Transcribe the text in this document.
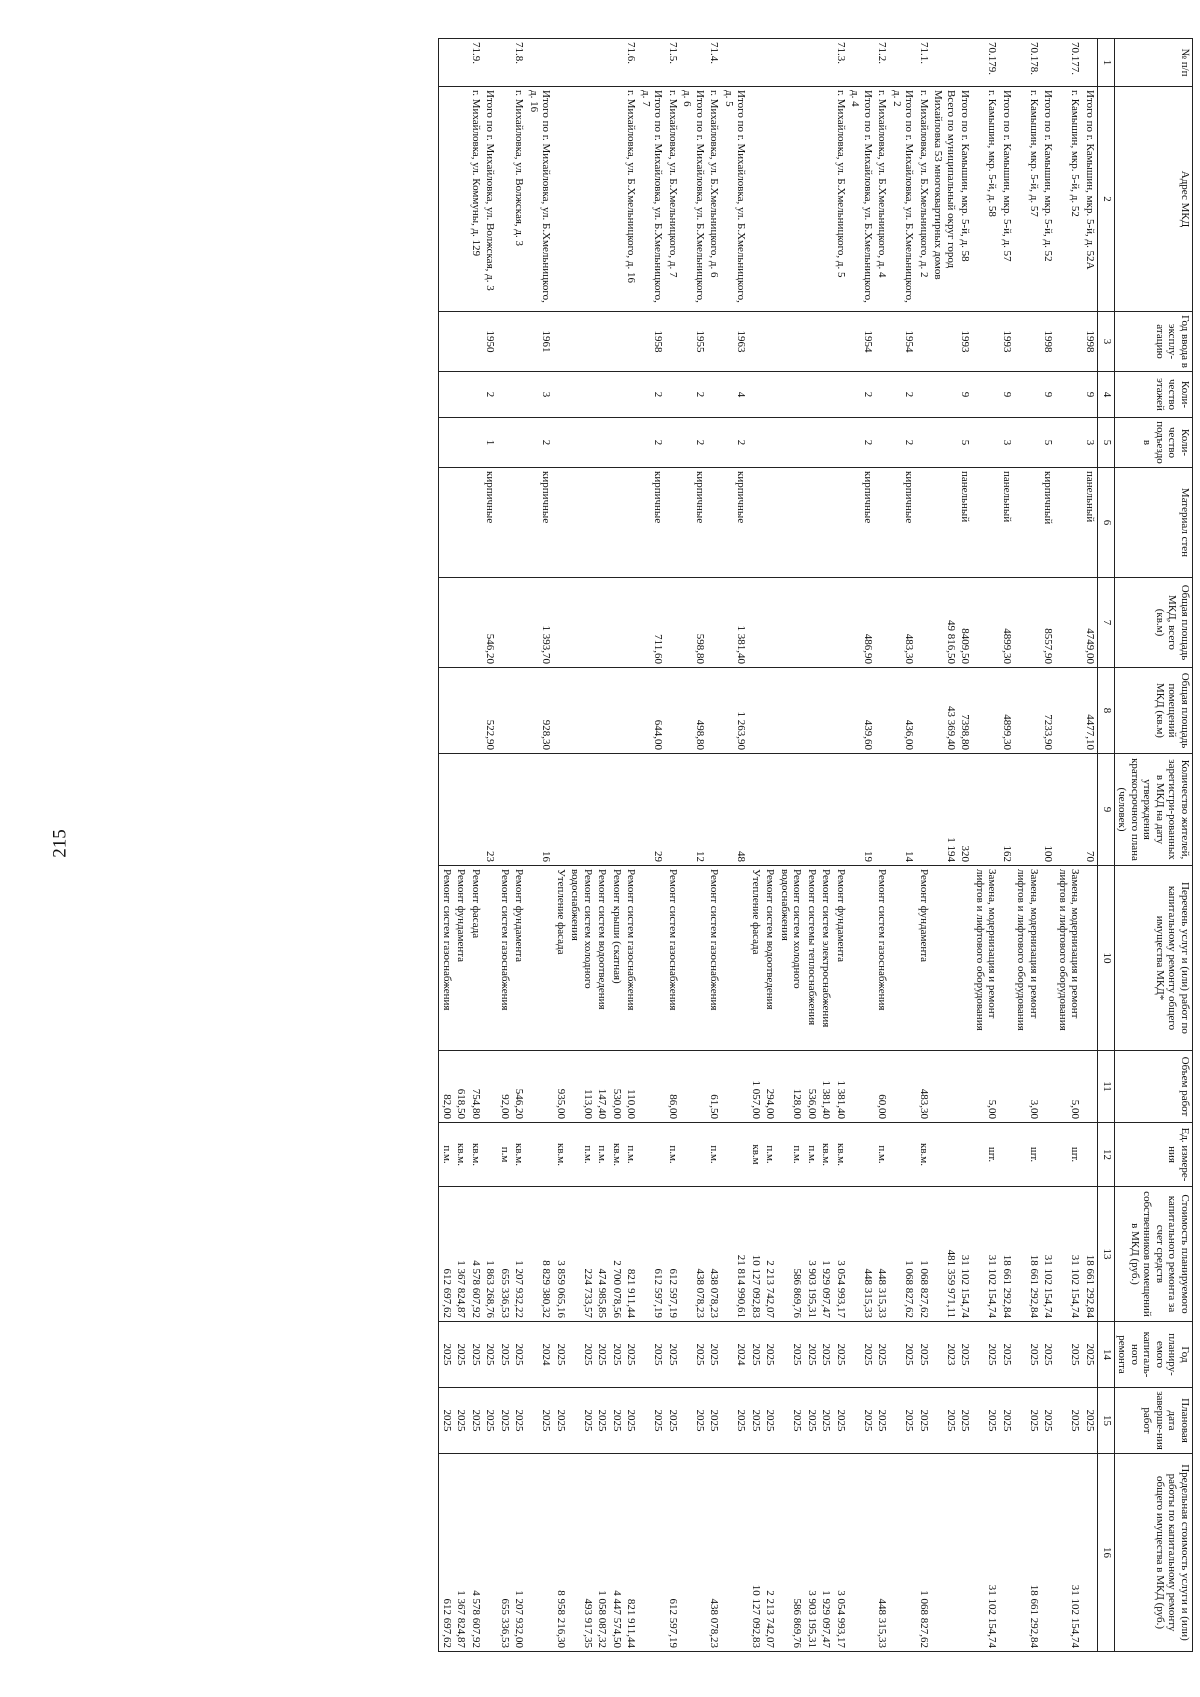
215
№ п/п	Адрес МКД	Год ввода в эксплу-атацию	Коли-чество этажей	Коли-чество подъездо в	Материал стен	Общая площадь МКД, всего (кв.м)	Общая площадь помещений МКД (кв.м)	Количество жителей, зарегистри-рованных в МКД на дату утверждения краткосрочного плана (человек)	Перечень услуг и (или) работ по капитальному ремонту общего имущества МКД*	Объем работ	Ед. измере-ния	Стоимость планируемого капитального ремонта за счет средств собственников помещений в МКД (руб.)	Год планиру-емого капиталь-ного ремонта	Плановая дата заверше-ния работ	Предельная стоимость услуги и (или) работы по капитальному ремонту общего имущества в МКД (руб.)
1	2	3	4	5	6	7	8	9	10	11	12	13	14	15	16
	Итого по г. Камышин, мкр. 5-й, д. 52А	1998	9	3	панельный	4749,00	4477,10	70				18 661 292,84	2025	2025	
70.177.	г. Камышин, мкр. 5-й, д. 52								Замена, модернизация и ремонт лифтов и лифтового оборудования	5,00	шт.	31 102 154,74	2025	2025	31 102 154,74
	Итого по г. Камышин, мкр. 5-й, д. 52	1998	9	5	кирпичный	8557,90	7233,90	100				31 102 154,74	2025	2025	
70.178.	г. Камышин, мкр. 5-й, д. 57								Замена, модернизация и ремонт лифтов и лифтового оборудования	3,00	шт.	18 661 292,84	2025	2025	18 661 292,84
	Итого по г. Камышин, мкр. 5-й, д. 57	1993	9	3	панельный	4899,30	4899,30	162				18 661 292,84	2025	2025	
70.179.	г. Камышин, мкр. 5-й, д. 58								Замена, модернизация и ремонт лифтов и лифтового оборудования	5,00	шт.	31 102 154,74	2025	2025	31 102 154,74
	Итого по г. Камышин, мкр. 5-й, д. 58	1993	9	5	панельный	8409,50	7398,80	320				31 102 154,74	2025	2025	
	Всего по муниципальный округ город Михайловка 53 многоквартирных домов					49 816,50	43 369,40	1 194				481 359 971,11	2023	2025	
71.1.	г. Михайловка, ул. Б.Хмельницкого, д. 2								Ремонт фундамента	483,30	кв.м.	1 068 827,62	2025	2025	1 068 827,62
	Итого по г. Михайловка, ул. Б.Хмельницкого, д. 2	1954	2	2	кирпичные	483,30	436,00	14				1 068 827,62	2025	2025	
71.2.	г. Михайловка, ул. Б.Хмельницкого, д. 4								Ремонт систем газоснабжения	60,00	п.м.	448 315,33	2025	2025	448 315,33
	Итого по г. Михайловка, ул. Б.Хмельницкого, д. 4	1954	2	2	кирпичные	486,90	439,60	19				448 315,33	2025	2025	
71.3.	г. Михайловка, ул. Б.Хмельницкого, д. 5								Ремонт фундамента	1 381,40	кв.м.	3 054 993,17	2025	2025	3 054 993,17
									Ремонт систем электроснабжения	1 381,40	кв.м.	1 929 097,47	2025	2025	1 929 097,47
									Ремонт системы теплоснабжения	536,00	п.м.	3 903 195,31	2025	2025	3 903 195,31
									Ремонт систем холодного водоснабжения	128,00	п.м.	586 869,76	2025	2025	586 869,76
									Ремонт систем водоотведения	294,00	п.м.	2 213 742,07	2025	2025	2 213 742,07
									Утепление фасада	1 057,00	кв.м	10 127 092,83	2025	2025	10 127 092,83
	Итого по г. Михайловка, ул. Б.Хмельницкого, д. 5	1963	4	2	кирпичные	1 381,40	1 263,90	48				21 814 990,61	2024	2025	
71.4.	г. Михайловка, ул. Б.Хмельницкого, д. 6								Ремонт систем газоснабжения	61,50	п.м.	438 078,23	2025	2025	438 078,23
	Итого по г. Михайловка, ул. Б.Хмельницкого, д. 6	1955	2	2	кирпичные	598,80	498,80	12				438 078,23	2025	2025	
71.5.	г. Михайловка, ул. Б.Хмельницкого, д. 7								Ремонт систем газоснабжения	86,00	п.м.	612 597,19	2025	2025	612 597,19
	Итого по г. Михайловка, ул. Б.Хмельницкого, д. 7	1958	2	2	кирпичные	711,60	644,00	29				612 597,19	2025	2025	
71.6.	г. Михайловка, ул. Б.Хмельницкого, д. 16								Ремонт систем газоснабжения	110,00	п.м.	821 911,44	2025	2025	821 911,44
									Ремонт крыши (скатная)	530,00	кв.м.	2 700 078,56	2025	2025	4 447 574,50
									Ремонт систем водоотведения	147,40	п.м.	474 985,85	2025	2025	1 058 087,32
									Ремонт систем холодного водоснабжения	113,00	п.м.	224 733,57	2025	2025	493 917,35
									Утепление фасада	935,00	кв.м.	3 859 065,16	2025	2025	8 958 216,30
	Итого по г. Михайловка, ул. Б.Хмельницкого, д. 16	1961	3	2	кирпичные	1 393,70	928,30	16				8 829 380,32	2024	2025	
71.8.	г. Михайловка, ул. Волжская, д. 3								Ремонт фундамента	546,20	кв.м.	1 207 932,22	2025	2025	1 207 932,00
									Ремонт систем газоснабжения	92,00	п.м	655 336,53	2025	2025	655 336,53
	Итого по г. Михайловка, ул. Волжская, д. 3	1950	2	1	кирпичные	546,20	522,90	23				1 863 268,76	2025	2025	
71.9.	г. Михайловка, ул. Коммуны, д. 129								Ремонт фасада	754,80	кв.м.	4 578 607,92	2025	2025	4 578 607,92
									Ремонт фундамента	618,50	кв.м.	1 367 824,87	2025	2025	1 367 824,87
									Ремонт систем газоснабжения	82,00	п.м.	612 697,62	2025	2025	612 697,62
